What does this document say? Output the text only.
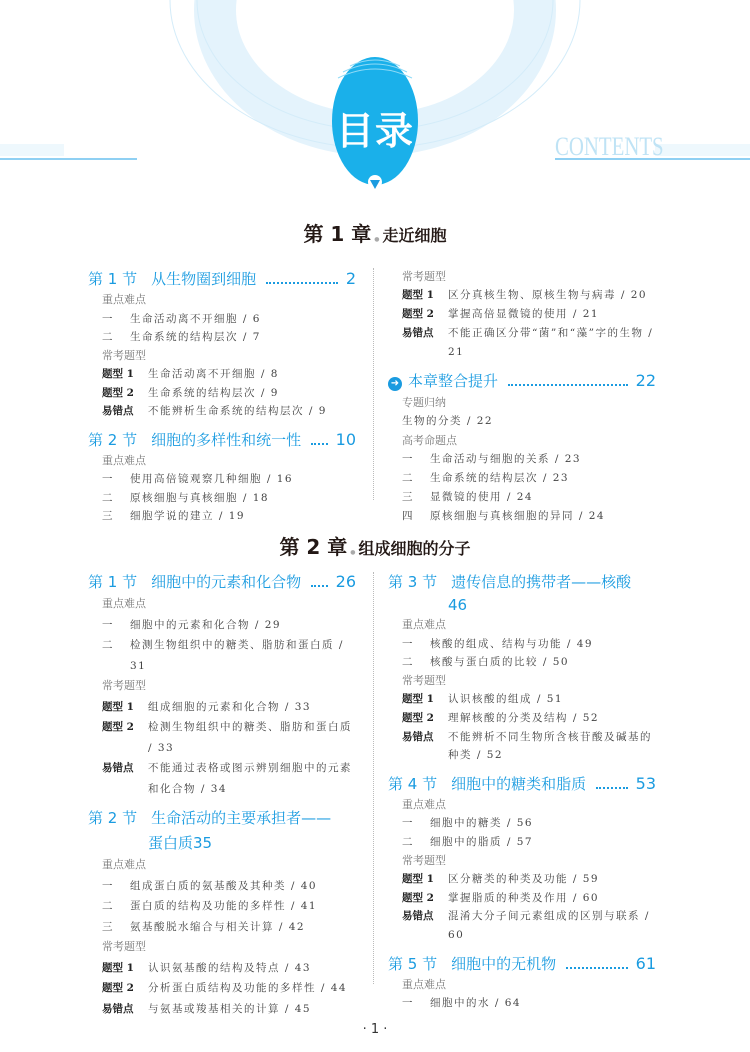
目录	CONTENTS
第 1 章 ● 走近细胞
第 1 节 从生物圈到细胞	2
重点难点
一	生命活动离不开细胞 / 6
二	生命系统的结构层次 / 7
常考题型
题型 1	生命活动离不开细胞 / 8
题型 2	生命系统的结构层次 / 9
易错点	不能辨析生命系统的结构层次 / 9
第 2 节 细胞的多样性和统一性 10
重点难点
一	使用高倍镜观察几种细胞 / 16
二	原核细胞与真核细胞 / 18
三	细胞学说的建立 / 19
常考题型
题型 1	区分真核生物、原核生物与病毒 / 20
题型 2	掌握高倍显微镜的使用 / 21
易错点	不能正确区分带“菌”和“藻”字的生物 / 21
➜ 本章整合提升	22
专题归纳
生物的分类 / 22
高考命题点
一	生命活动与细胞的关系 / 23
二	生命系统的结构层次 / 23
三	显微镜的使用 / 24
四	原核细胞与真核细胞的异同 / 24
第 2 章 ● 组成细胞的分子
第 1 节 细胞中的元素和化合物 26
重点难点
一	细胞中的元素和化合物 / 29
二	检测生物组织中的糖类、脂肪和蛋白质 / 31
常考题型
题型 1	组成细胞的元素和化合物 / 33
题型 2	检测生物组织中的糖类、脂肪和蛋白质 / 33
易错点	不能通过表格或图示辨别细胞中的元素和化合物 / 34
第 2 节 生命活动的主要承担者——
蛋白质 35
重点难点
一	组成蛋白质的氨基酸及其种类 / 40
二	蛋白质的结构及功能的多样性 / 41
三	氨基酸脱水缩合与相关计算 / 42
常考题型
题型 1	认识氨基酸的结构及特点 / 43
题型 2	分析蛋白质结构及功能的多样性 / 44
易错点	与氨基或羧基相关的计算 / 45
第 3 节 遗传信息的携带者——核酸
46
重点难点
一	核酸的组成、结构与功能 / 49
二	核酸与蛋白质的比较 / 50
常考题型
题型 1	认识核酸的组成 / 51
题型 2	理解核酸的分类及结构 / 52
易错点	不能辨析不同生物所含核苷酸及碱基的种类 / 52
第 4 节 细胞中的糖类和脂质	53
重点难点
一	细胞中的糖类 / 56
二	细胞中的脂质 / 57
常考题型
题型 1	区分糖类的种类及功能 / 59
题型 2	掌握脂质的种类及作用 / 60
易错点	混淆大分子间元素组成的区别与联系 / 60
第 5 节 细胞中的无机物	61
重点难点
一	细胞中的水 / 64
· 1 ·
